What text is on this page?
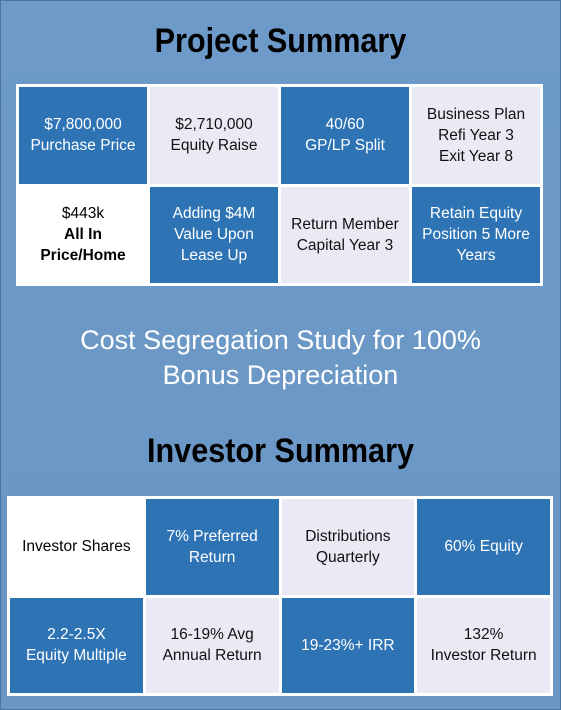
Project Summary
$7,800,000
Purchase Price
$2,710,000
Equity Raise
40/60
GP/LP Split
Business Plan
Refi Year 3
Exit Year 8
$443k
All In
Price/Home
Adding $4M
Value Upon
Lease Up
Return Member
Capital Year 3
Retain Equity
Position 5 More
Years
Cost Segregation Study for 100%
Bonus Depreciation
Investor Summary
Investor Shares
7% Preferred
Return
Distributions
Quarterly
60% Equity
2.2-2.5X
Equity Multiple
16-19% Avg
Annual Return
19-23%+ IRR
132%
Investor Return
